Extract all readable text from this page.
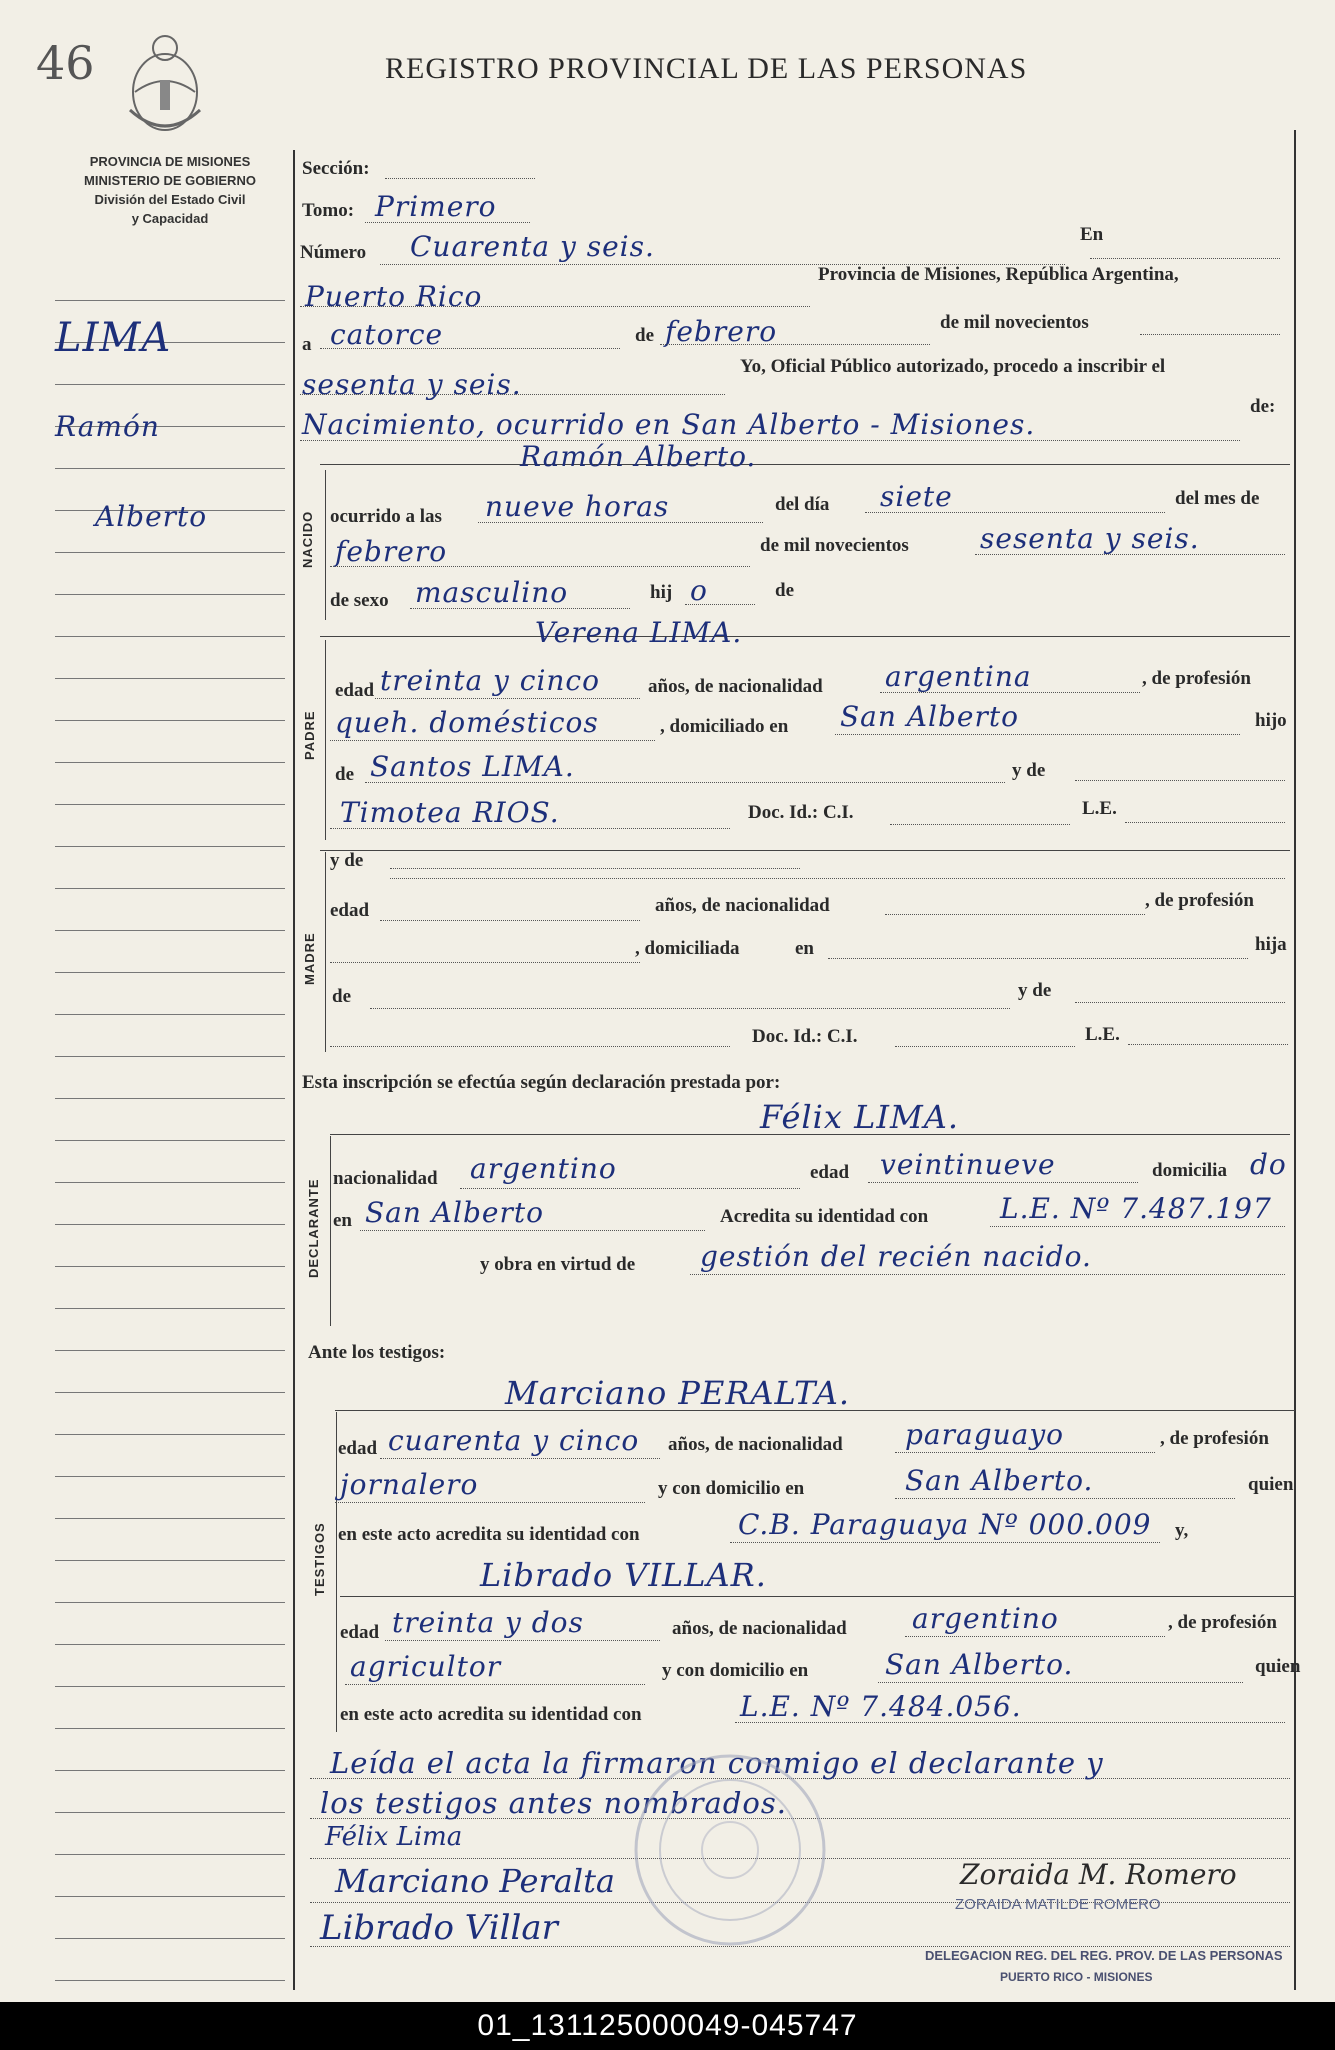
46	REGISTRO PROVINCIAL DE LAS PERSONAS
PROVINCIA DE MISIONES
MINISTERIO DE GOBIERNO
División del Estado Civil
y Capacidad
LIMA
Ramón
Alberto
Sección:
Tomo: Primero
Número Cuarenta y seis.	En
Puerto Rico
Provincia de Misiones, República Argentina,
a catorce	de febrero	de mil novecientos
sesenta y seis.
Yo, Oficial Público autorizado, procedo a inscribir el
Nacimiento, ocurrido en San Alberto - Misiones.
de:
NACIDO
Ramón Alberto.
ocurrido a las nueve horas	del día siete	del mes de
febrero	de mil novecientos	sesenta y seis.
de sexo masculino	hij o	de
PADRE
Verena LIMA.
edad treinta y cinco	años, de nacionalidad argentina	, de profesión
queh. domésticos	, domiciliado en San Alberto	hijo
de Santos LIMA.	y de
Timotea RIOS.	Doc. Id.: C.I.	L.E.
MADRE
y de
edad	años, de nacionalidad	, de profesión
, domiciliada	en	hija
de	y de
Doc. Id.: C.I.	L.E.
Esta inscripción se efectúa según declaración prestada por:
DECLARANTE
Félix LIMA.
nacionalidad argentino	edad veintinueve	domicilia do
en San Alberto	Acredita su identidad con	L.E. Nº 7.487.197
y obra en virtud de gestión del recién nacido.
Ante los testigos:
TESTIGOS
Marciano PERALTA.
edad cuarenta y cinco años, de nacionalidad paraguayo	, de profesión
jornalero	y con domicilio en	San Alberto.	quien
en este acto acredita su identidad con	C.B. Paraguaya Nº 000.009 y,
Librado VILLAR.
edad treinta y dos	años, de nacionalidad argentino	, de profesión
agricultor	y con domicilio en	San Alberto.	quien
en este acto acredita su identidad con	L.E. Nº 7.484.056.
Leída el acta la firmaron conmigo el declarante y
los testigos antes nombrados.
Félix Lima
Marciano Peralta
Librado Villar
Zoraida M. Romero
ZORAIDA MATILDE ROMERO
DELEGACION REG. DEL REG. PROV. DE LAS PERSONAS
PUERTO RICO - MISIONES
01_131125000049-045747
